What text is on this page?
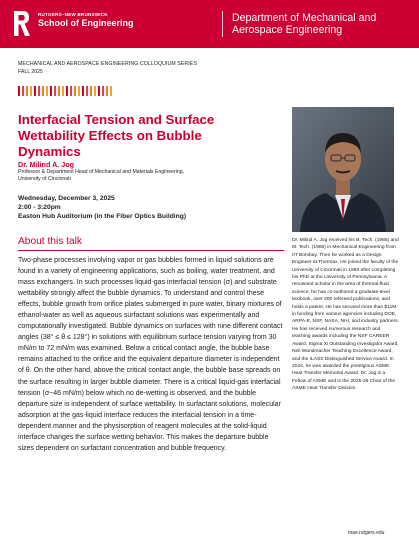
RUTGERS–NEW BRUNSWICK
School of Engineering	Department of Mechanical and
Aerospace Engineering
MECHANICAL AND AEROSPACE ENGINEERING COLLOQUIUM SERIES
FALL 2025
Interfacial Tension and Surface
Wettability Effects on Bubble
Dynamics
Dr. Milind A. Jog
Professor & Department Head of Mechanical and Materials Engineering,
University of Cincinnati
Wednesday, December 3, 2025
2:00 - 3:20pm
Easton Hub Auditorium (in the Fiber Optics Building)
About this talk
Two-phase processes involving vapor or gas bubbles formed in liquid solutions are found in a variety of engineering applications, such as boiling, water treatment, and mass exchangers. In such processes liquid-gas interfacial tension (σ) and substrate wettability strongly affect the bubble dynamics. To understand and control these effects, bubble growth from orifice plates submerged in pure water, binary mixtures of ethanol-water as well as aqueous surfactant solutions was experimentally and computationally investigated. Bubble dynamics on surfaces with nine different contact angles (38° ≤ θ ≤ 128°) in solutions with equilibrium surface tension varying from 30 mN/m to 72 mN/m was examined. Below a critical contact angle, the bubble base remains attached to the orifice and the equivalent departure diameter is independent of θ. On the other hand, above the critical contact angle, the bubble base spreads on the surface resulting in larger bubble diameter. There is a critical liquid-gas interfacial tension (σ~46 mN/m) below which no de-wetting is observed, and the bubble departure size is independent of surface wettability. In surfactant solutions, molecular adsorption at the gas-liquid interface reduces the interfacial tension in a time-dependent manner and the physisorption of reagent molecules at the solid-liquid interface changes the surface wetting behavior. This makes the departure bubble sizes dependent on surfactant concentration and bubble frequency.
Dr. Milind A. Jog received his B. Tech. (1985) and M. Tech. (1986) in Mechanical Engineering from IIT Bombay. Then he worked as a Design Engineer at Thermax. He joined the faculty of the University of Cincinnati in 1993 after completing his PhD at the University of Pennsylvania. A renowned scholar in the area of thermal-fluid science, he has co-authored a graduate-level textbook, over 200 refereed publications, and holds a patent. He has secured more than $11M in funding from various agencies including DOE, ARPA-E, NSF, NASA, NIH, and industry partners. He has received numerous research and teaching awards including the NSF CAREER Award, Sigma Xi Outstanding Investigator Award, Neil Wandmacher Teaching Excellence Award, and the ILASS Distinguished Service Award. In 2024, he was awarded the prestigious ASME Heat Transfer Memorial Award. Dr. Jog is a Fellow of ASME and is the 2025-26 Chair of the ASME Heat Transfer Division.
mae.rutgers.edu
